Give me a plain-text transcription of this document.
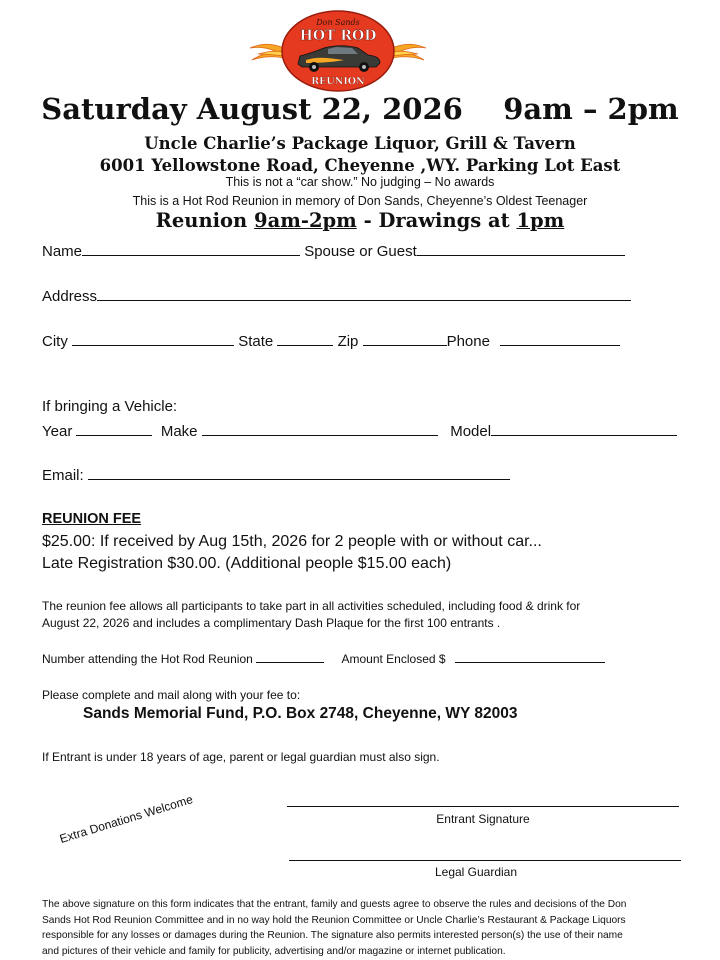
Don Sands
HOT ROD
REUNION
Saturday August 22, 2026    9am – 2pm
Uncle Charlie’s Package Liquor, Grill & Tavern
6001 Yellowstone Road, Cheyenne ,WY. Parking Lot East
This is not a “car show.” No judging – No awards
This is a Hot Rod Reunion in memory of Don Sands, Cheyenne’s Oldest Teenager
Reunion 9am-2pm - Drawings at 1pm
Name	Spouse or Guest
Address
City	State	Zip	Phone
If bringing a Vehicle:
Year	Make	Model
Email:
REUNION FEE
$25.00: If received by Aug 15th, 2026 for 2 people with or without car...
Late Registration $30.00. (Additional people $15.00 each)
The reunion fee allows all participants to take part in all activities scheduled, including food & drink for
August 22, 2026 and includes a complimentary Dash Plaque for the first 100 entrants .
Number attending the Hot Rod Reunion	Amount Enclosed $
Please complete and mail along with your fee to:
Sands Memorial Fund, P.O. Box 2748, Cheyenne, WY 82003
If Entrant is under 18 years of age, parent or legal guardian must also sign.
Extra Donations Welcome	Entrant Signature
Legal Guardian
The above signature on this form indicates that the entrant, family and guests agree to observe the rules and decisions of the Don
Sands Hot Rod Reunion Committee and in no way hold the Reunion Committee or Uncle Charlie’s Restaurant & Package Liquors
responsible for any losses or damages during the Reunion. The signature also permits interested person(s) the use of their name
and pictures of their vehicle and family for publicity, advertising and/or magazine or internet publication.
